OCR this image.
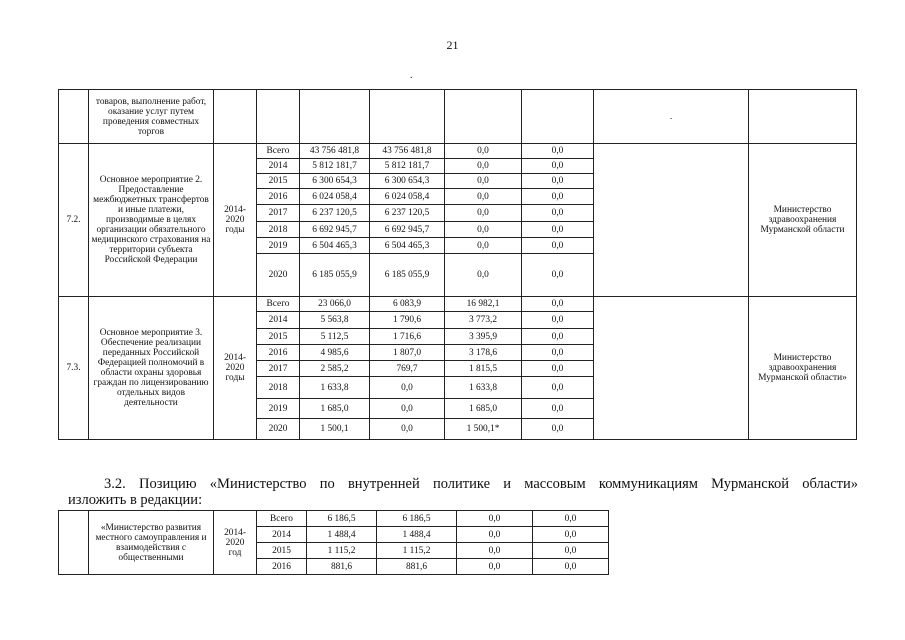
21
.
	товаров, выполнение работ, оказание услуг путем проведения совместных торгов							.	
7.2.	Основное мероприятие 2. Предоставление межбюджетных трансфертов и иные платежи, производимые в целях организации обязательного медицинского страхования на территории субъекта Российской Федерации	2014-
2020
годы	Всего	43 756 481,8	43 756 481,8	0,0	0,0		Министерство здравоохранения Мурманской области
			2014	5 812 181,7	5 812 181,7	0,0	0,0		
			2015	6 300 654,3	6 300 654,3	0,0	0,0		
			2016	6 024 058,4	6 024 058,4	0,0	0,0		
			2017	6 237 120,5	6 237 120,5	0,0	0,0		
			2018	6 692 945,7	6 692 945,7	0,0	0,0		
			2019	6 504 465,3	6 504 465,3	0,0	0,0		
			2020	6 185 055,9	6 185 055,9	0,0	0,0		
7.3.	Основное мероприятие 3. Обеспечение реализации переданных Российской Федерацией полномочий в области охраны здоровья граждан по лицензированию отдельных видов деятельности	2014-
2020
годы	Всего	23 066,0	6 083,9	16 982,1	0,0		Министерство здравоохранения Мурманской области»
			2014	5 563,8	1 790,6	3 773,2	0,0		
			2015	5 112,5	1 716,6	3 395,9	0,0		
			2016	4 985,6	1 807,0	3 178,6	0,0		
			2017	2 585,2	769,7	1 815,5	0,0		
			2018	1 633,8	0,0	1 633,8	0,0		
			2019	1 685,0	0,0	1 685,0	0,0		
			2020	1 500,1	0,0	1 500,1*	0,0		
3.2. Позицию «Министерство по внутренней политике и массовым коммуникациям Мурманской области»
изложить в редакции:
	«Министерство развития местного самоуправления и взаимодействия с общественными	2014-
2020
год	Всего	6 186,5	6 186,5	0,0	0,0
			2014	1 488,4	1 488,4	0,0	0,0
			2015	1 115,2	1 115,2	0,0	0,0
			2016	881,6	881,6	0,0	0,0
